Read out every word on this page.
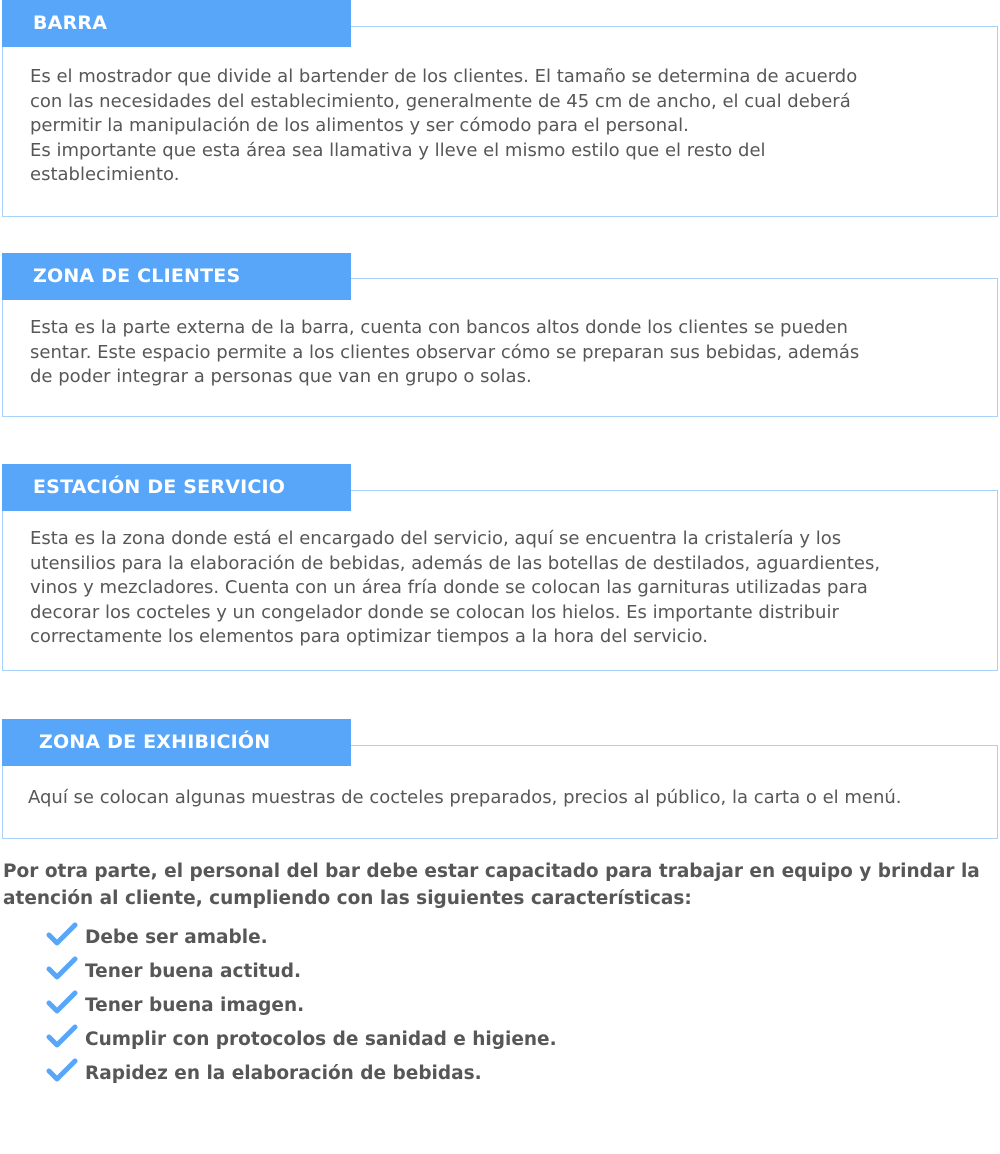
BARRA

Es el mostrador que divide al bartender de los clientes. El tamaño se determina de acuerdo
con las necesidades del establecimiento, generalmente de 45 cm de ancho, el cual deberá
permitir la manipulación de los alimentos y ser cómodo para el personal.
Es importante que esta área sea llamativa y lleve el mismo estilo que el resto del
establecimiento.

ZONA DE CLIENTES

Esta es la parte externa de la barra, cuenta con bancos altos donde los clientes se pueden
sentar. Este espacio permite a los clientes observar cómo se preparan sus bebidas, además
de poder integrar a personas que van en grupo o solas.

ESTACIÓN DE SERVICIO

Esta es la zona donde está el encargado del servicio, aquí se encuentra la cristalería y los
utensilios para la elaboración de bebidas, además de las botellas de destilados, aguardientes,
vinos y mezcladores. Cuenta con un área fría donde se colocan las garnituras utilizadas para
decorar los cocteles y un congelador donde se colocan los hielos. Es importante distribuir
correctamente los elementos para optimizar tiempos a la hora del servicio.

ZONA DE EXHIBICIÓN

Aquí se colocan algunas muestras de cocteles preparados, precios al público, la carta o el menú.

Por otra parte, el personal del bar debe estar capacitado para trabajar en equipo y brindar la
atención al cliente, cumpliendo con las siguientes características:

Debe ser amable.
Tener buena actitud.
Tener buena imagen.
Cumplir con protocolos de sanidad e higiene.
Rapidez en la elaboración de bebidas.
